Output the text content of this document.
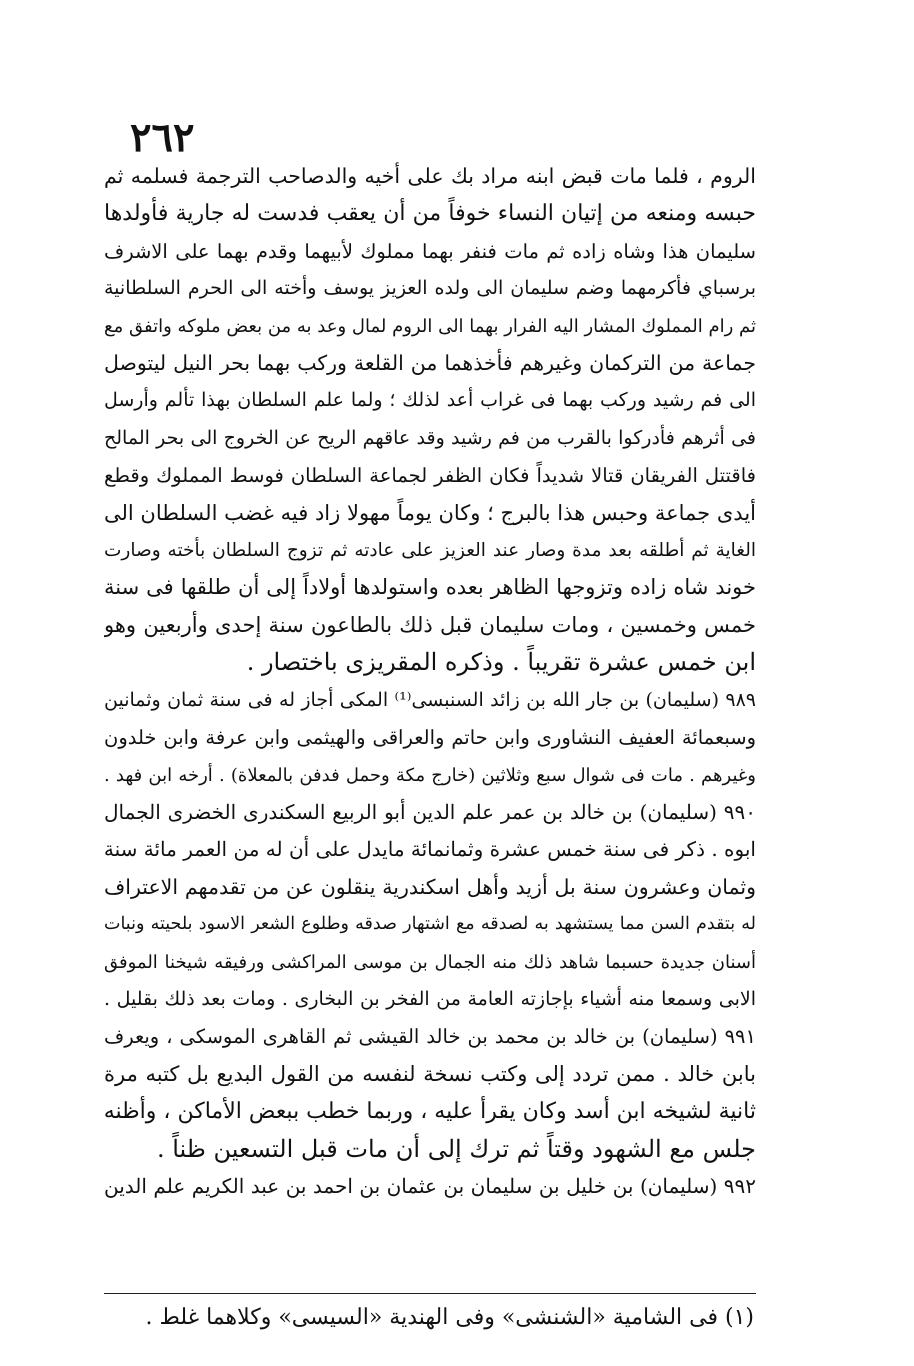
٢٦٢
الروم ، فلما مات قبض ابنه مراد بك على أخيه والدصاحب الترجمة فسلمه ثم
حبسه ومنعه من إتيان النساء خوفاً من أن يعقب فدست له جارية فأولدها
سليمان هذا وشاه زاده ثم مات فنفر بهما مملوك لأبيهما وقدم بهما على الاشرف
برسباي فأكرمهما وضم سليمان الى ولده العزيز يوسف وأخته الى الحرم السلطانية
ثم رام المملوك المشار اليه الفرار بهما الى الروم لمال وعد به من بعض ملوكه واتفق مع
جماعة من التركمان وغيرهم فأخذهما من القلعة وركب بهما بحر النيل ليتوصل
الى فم رشيد وركب بهما فى غراب أعد لذلك ؛ ولما علم السلطان بهذا تألم وأرسل
فى أثرهم فأدركوا بالقرب من فم رشيد وقد عاقهم الريح عن الخروج الى بحر المالح
فاقتتل الفريقان قتالا شديداً فكان الظفر لجماعة السلطان فوسط المملوك وقطع
أيدى جماعة وحبس هذا بالبرج ؛ وكان يوماً مهولا زاد فيه غضب السلطان الى
الغاية ثم أطلقه بعد مدة وصار عند العزيز على عادته ثم تزوج السلطان بأخته وصارت
خوند شاه زاده وتزوجها الظاهر بعده واستولدها أولاداً إلى أن طلقها فى سنة
خمس وخمسين ، ومات سليمان قبل ذلك بالطاعون سنة إحدى وأربعين وهو
ابن خمس عشرة تقريباً . وذكره المقريزى باختصار .
٩٨٩ (سليمان) بن جار الله بن زائد السنبسى⁽¹⁾ المكى أجاز له فى سنة ثمان وثمانين
وسبعمائة العفيف النشاورى وابن حاتم والعراقى والهيثمى وابن عرفة وابن خلدون
وغيرهم . مات فى شوال سبع وثلاثين (خارج مكة وحمل فدفن بالمعلاة) . أرخه ابن فهد .
٩٩٠ (سليمان) بن خالد بن عمر علم الدين أبو الربيع السكندرى الخضرى الجمال
ابوه . ذكر فى سنة خمس عشرة وثمانمائة مايدل على أن له من العمر مائة سنة
وثمان وعشرون سنة بل أزيد وأهل اسكندرية ينقلون عن من تقدمهم الاعتراف
له بتقدم السن مما يستشهد به لصدقه مع اشتهار صدقه وطلوع الشعر الاسود بلحيته ونبات
أسنان جديدة حسبما شاهد ذلك منه الجمال بن موسى المراكشى ورفيقه شيخنا الموفق
الابى وسمعا منه أشياء بإجازته العامة من الفخر بن البخارى . ومات بعد ذلك بقليل .
٩٩١ (سليمان) بن خالد بن محمد بن خالد القيشى ثم القاهرى الموسكى ، ويعرف
بابن خالد . ممن تردد إلى وكتب نسخة لنفسه من القول البديع بل كتبه مرة
ثانية لشيخه ابن أسد وكان يقرأ عليه ، وربما خطب ببعض الأماكن ، وأظنه
جلس مع الشهود وقتاً ثم ترك إلى أن مات قبل التسعين ظناً .
٩٩٢ (سليمان) بن خليل بن سليمان بن عثمان بن احمد بن عبد الكريم علم الدين
(١) فى الشامية «الشنشى» وفى الهندية «السيسى» وكلاهما غلط .
